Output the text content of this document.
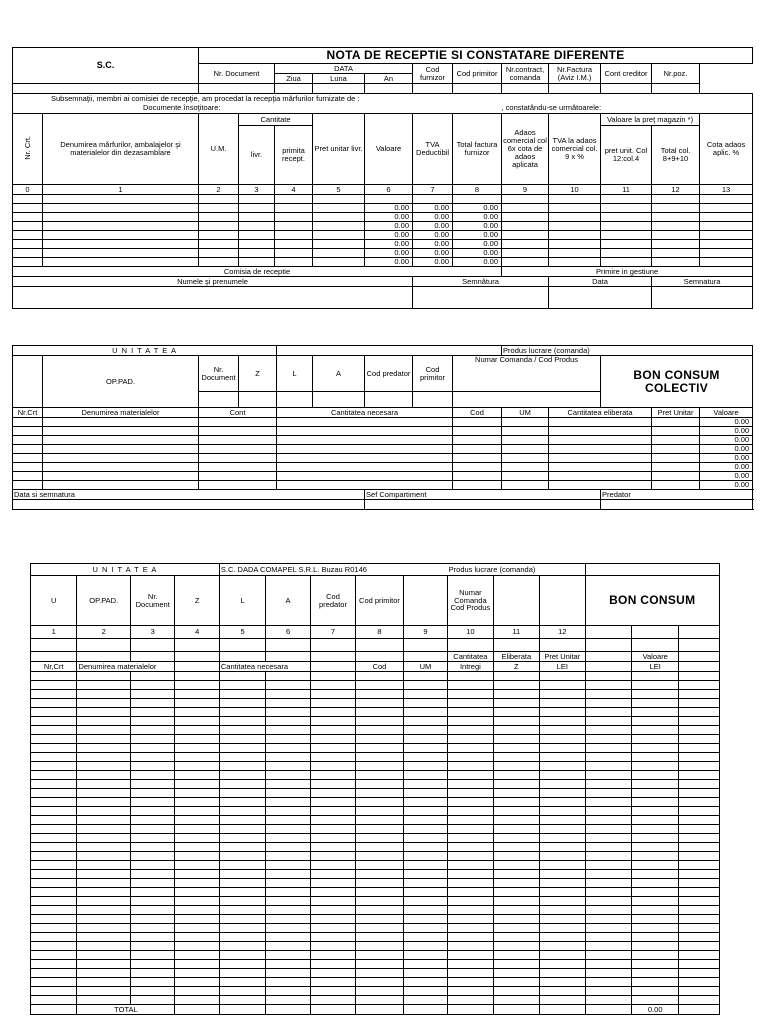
S.C.		NOTA DE RECEPTIE SI CONSTATARE DIFERENTE											
		Nr. Document		DATA			Cod furnizor	Cod primitor	Nr.contract, comanda	Nr.Factura (Aviz I.M.)	Cont creditor	Nr.poz.	
				Ziua	Luna	An							

Subsemnaţii, membri ai comisiei de recepţie, am procedat la recepţia mărfurilor furnizate de :													
Documente însoţitoare:									, constatându-se următoarele:				
Nr. Crt.	Denumirea mărfurilor, ambalajelor şi materialelor din dezasamblare	U.M.	Cantitate		Pret unitar livr.	Valoare	TVA Deductibil	Total factura furnizor	Adaos comercial col 6x cota de adaos aplicata	TVA la adaos comercial col. 9 x %	Valoare la preţ magazin *)		Cota adaos aplic. %
			livr.	primita recept.							pret unit. Col 12:col.4	Total col. 8+9+10	
0	1	2	3	4	5	6	7	8	9	10	11	12	13

						0.00	0.00	0.00					
						0.00	0.00	0.00					
						0.00	0.00	0.00					
						0.00	0.00	0.00					
						0.00	0.00	0.00					
						0.00	0.00	0.00					
						0.00	0.00	0.00					
Comisia de receptie									Primire in gestiune				
Numele şi prenumele							Semnătura			Data		Semnatura	

U N I T A T E A									Produs lucrare (comanda)					
	OP.PAD.	Nr. Document	Z	L	A	Cod predator	Cod primitor	Numar Comanda / Cod Produs			BON CONSUM COLECTIV			

Nr.Crt	Denumirea materialelor	Cont		Cantitatea necesara				Cod	UM	Cantitatea eliberata		Pret Unitar	Valoare	
													0.00	
													0.00	
													0.00	
													0.00	
													0.00	
													0.00	
													0.00	
													0.00	
Data si semnatura						Sef Compartiment					Predator	

U N I T A T E A				S.C. DADA COMAPEL S.R.L. Buzau R0146					Produs lucrare (comanda)					
U	OP.PAD.	Nr. Document	Z	L	A	Cod predator	Cod primitor		Numar Comanda Cod Produs			BON CONSUM		
1	2	3	4	5	6	7	8	9	10	11	12			

									Cantitatea	Eliberata	Pret Unitar		Valoare	
Nr,Crt	Denumirea materialelor			Cantitatea necesara			Cod	UM	Intregi	Z	LEI		LEI	

	TOTAL												0.00	
